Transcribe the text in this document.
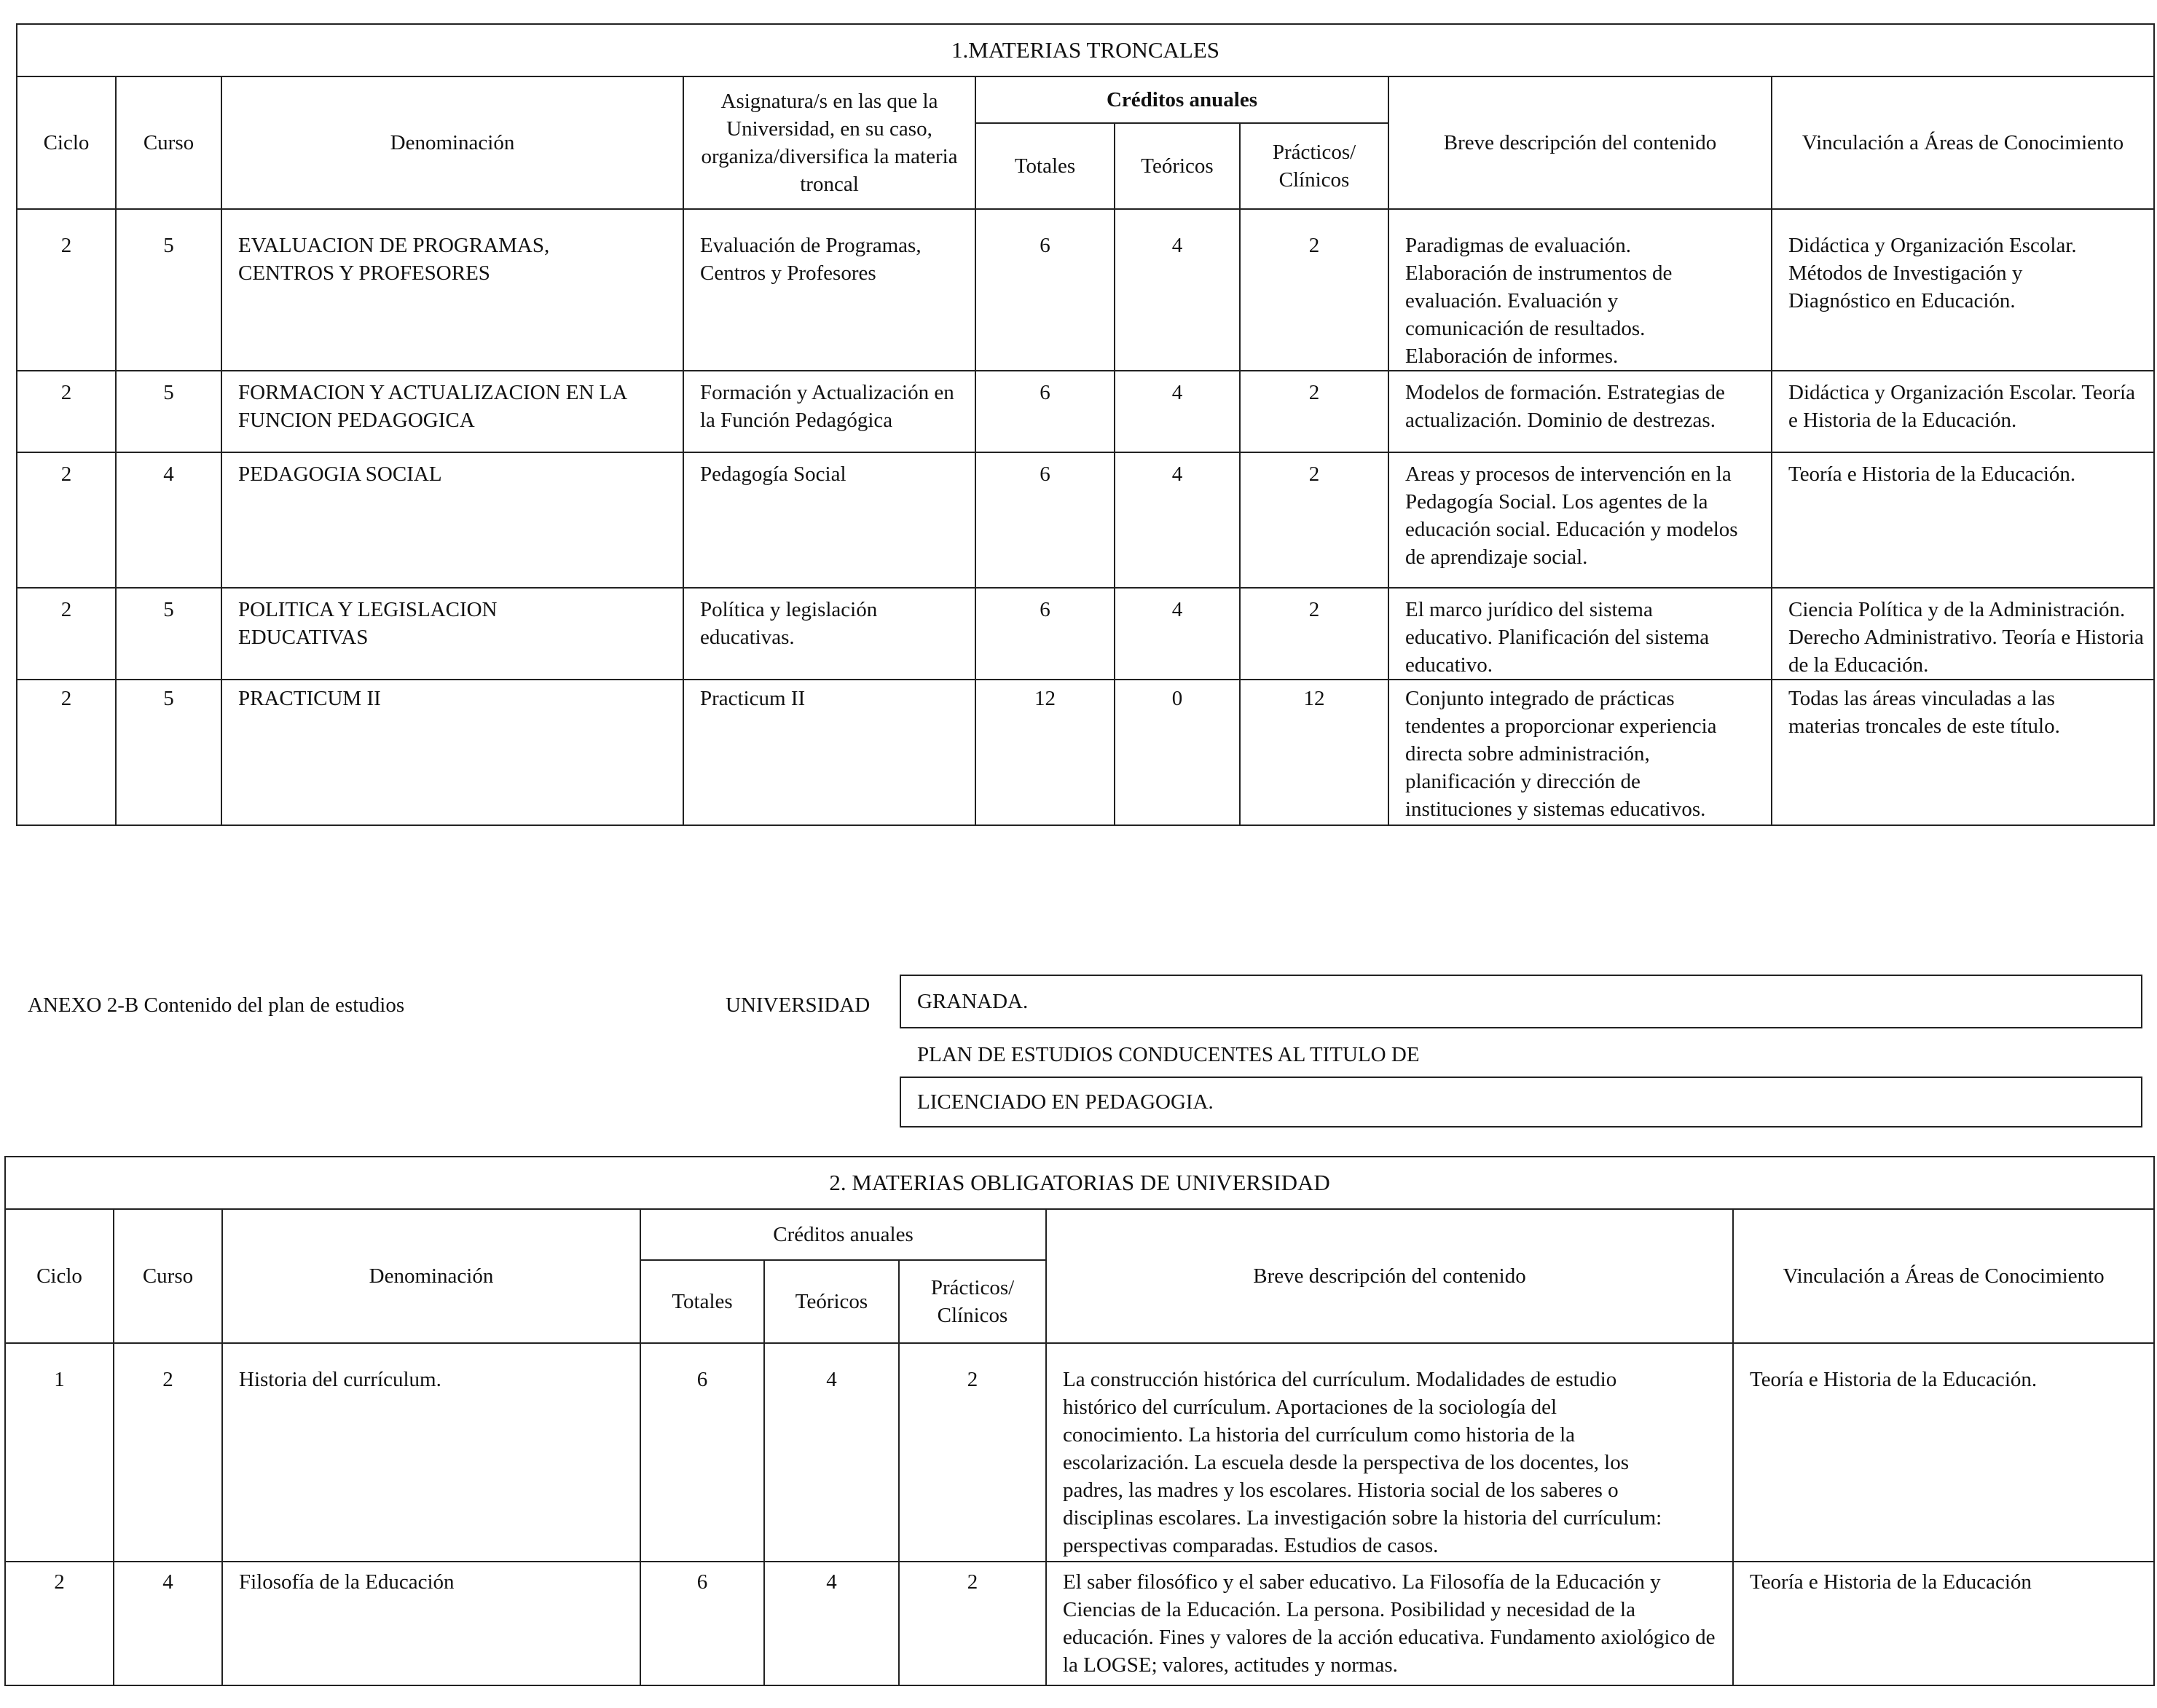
1.MATERIAS TRONCALES								
Ciclo	Curso	Denominación	Asignatura/s en las que la Universidad, en su caso, organiza/diversifica la materia troncal	Créditos anuales			Breve descripción del contenido	Vinculación a Áreas de Conocimiento
				Totales	Teóricos	Prácticos/ Clínicos		
2	5	EVALUACION DE PROGRAMAS, CENTROS Y PROFESORES	Evaluación de Programas, Centros y Profesores	6	4	2	Paradigmas de evaluación. Elaboración de instrumentos de evaluación. Evaluación y comunicación de resultados. Elaboración de informes.	Didáctica y Organización Escolar. Métodos de Investigación y Diagnóstico en Educación.
2	5	FORMACION Y ACTUALIZACION EN LA FUNCION PEDAGOGICA	Formación y Actualización en la Función Pedagógica	6	4	2	Modelos de formación. Estrategias de actualización. Dominio de destrezas.	Didáctica y Organización Escolar. Teoría e Historia de la Educación.
2	4	PEDAGOGIA SOCIAL	Pedagogía Social	6	4	2	Areas y procesos de intervención en la Pedagogía Social. Los agentes de la educación social. Educación y modelos de aprendizaje social.	Teoría e Historia de la Educación.
2	5	POLITICA Y LEGISLACION EDUCATIVAS	Política y legislación educativas.	6	4	2	El marco jurídico del sistema educativo. Planificación del sistema educativo.	Ciencia Política y de la Administración. Derecho Administrativo. Teoría e Historia de la Educación.
2	5	PRACTICUM II	Practicum II	12	0	12	Conjunto integrado de prácticas tendentes a proporcionar experiencia directa sobre administración, planificación y dirección de instituciones y sistemas educativos.	Todas las áreas vinculadas a las materias troncales de este título.
ANEXO 2-B Contenido del plan de estudios	UNIVERSIDAD GRANADA.
PLAN DE ESTUDIOS CONDUCENTES AL TITULO DE
LICENCIADO EN PEDAGOGIA.
2. MATERIAS OBLIGATORIAS DE UNIVERSIDAD							
Ciclo	Curso	Denominación	Créditos anuales			Breve descripción del contenido	Vinculación a Áreas de Conocimiento
			Totales	Teóricos	Prácticos/ Clínicos		
1	2	Historia del currículum.	6	4	2	La construcción histórica del currículum. Modalidades de estudio histórico del currículum. Aportaciones de la sociología del conocimiento. La historia del currículum como historia de la escolarización. La escuela desde la perspectiva de los docentes, los padres, las madres y los escolares. Historia social de los saberes o disciplinas escolares. La investigación sobre la historia del currículum: perspectivas comparadas. Estudios de casos.	Teoría e Historia de la Educación.
2	4	Filosofía de la Educación	6	4	2	El saber filosófico y el saber educativo. La Filosofía de la Educación y Ciencias de la Educación. La persona. Posibilidad y necesidad de la educación. Fines y valores de la acción educativa. Fundamento axiológico de la LOGSE; valores, actitudes y normas.	Teoría e Historia de la Educación
